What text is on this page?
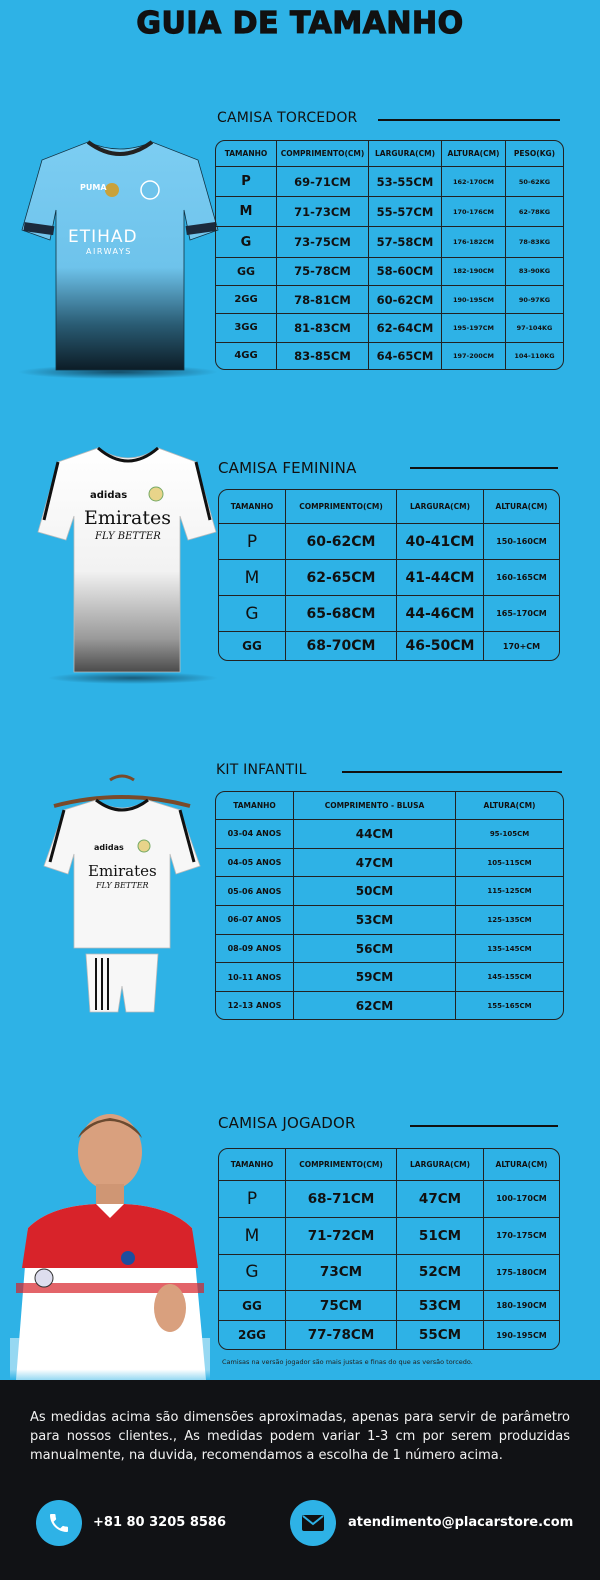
GUIA DE TAMANHO
PUMA
ETIHAD
AIRWAYS
CAMISA TORCEDOR
TAMANHO	COMPRIMENTO(CM)	LARGURA(CM)	ALTURA(CM)	PESO(KG)
P	69-71CM	53-55CM	162-170CM	50-62KG
M	71-73CM	55-57CM	170-176CM	62-78KG
G	73-75CM	57-58CM	176-182CM	78-83KG
GG	75-78CM	58-60CM	182-190CM	83-90KG
2GG	78-81CM	60-62CM	190-195CM	90-97KG
3GG	81-83CM	62-64CM	195-197CM	97-104KG
4GG	83-85CM	64-65CM	197-200CM	104-110KG
adidas
Emirates
FLY BETTER
CAMISA FEMININA
TAMANHO	COMPRIMENTO(CM)	LARGURA(CM)	ALTURA(CM)
P	60-62CM	40-41CM	150-160CM
M	62-65CM	41-44CM	160-165CM
G	65-68CM	44-46CM	165-170CM
GG	68-70CM	46-50CM	170+CM
adidas
Emirates
FLY BETTER
KIT INFANTIL
TAMANHO	COMPRIMENTO - BLUSA	ALTURA(CM)
03-04 ANOS	44CM	95-105CM
04-05 ANOS	47CM	105-115CM
05-06 ANOS	50CM	115-125CM
06-07 ANOS	53CM	125-135CM
08-09 ANOS	56CM	135-145CM
10-11 ANOS	59CM	145-155CM
12-13 ANOS	62CM	155-165CM
CAMISA JOGADOR
TAMANHO	COMPRIMENTO(CM)	LARGURA(CM)	ALTURA(CM)
P	68-71CM	47CM	100-170CM
M	71-72CM	51CM	170-175CM
G	73CM	52CM	175-180CM
GG	75CM	53CM	180-190CM
2GG	77-78CM	55CM	190-195CM
Camisas na versão jogador são mais justas e finas do que as versão torcedo.
As medidas acima são dimensões aproximadas, apenas para servir de parâmetro para nossos clientes., As medidas podem variar 1-3 cm por serem produzidas manualmente, na duvida, recomendamos a escolha de 1 número acima.
+81 80 3205 8586	atendimento@placarstore.com
